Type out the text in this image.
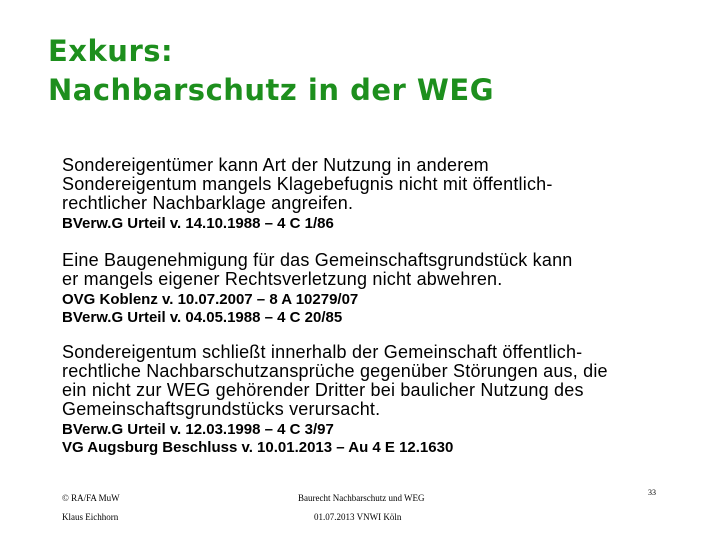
Exkurs:
Nachbarschutz in der WEG
Sondereigentümer kann Art der Nutzung in anderem
Sondereigentum mangels Klagebefugnis nicht mit öffentlich-
rechtlicher Nachbarklage angreifen.
BVerw.G Urteil v. 14.10.1988 – 4 C 1/86
Eine Baugenehmigung für das Gemeinschaftsgrundstück kann
er mangels eigener Rechtsverletzung nicht abwehren.
OVG Koblenz v. 10.07.2007 – 8 A 10279/07
BVerw.G Urteil v. 04.05.1988 – 4 C 20/85
Sondereigentum schließt innerhalb der Gemeinschaft öffentlich-
rechtliche Nachbarschutzansprüche gegenüber Störungen aus, die
ein nicht zur WEG gehörender Dritter bei baulicher Nutzung des
Gemeinschaftsgrundstücks verursacht.
BVerw.G Urteil v. 12.03.1998 – 4 C 3/97
VG Augsburg Beschluss v. 10.01.2013 – Au 4 E 12.1630
© RA/FA MuW
Klaus Eichhorn
Baurecht Nachbarschutz und WEG
01.07.2013 VNWI Köln
33
